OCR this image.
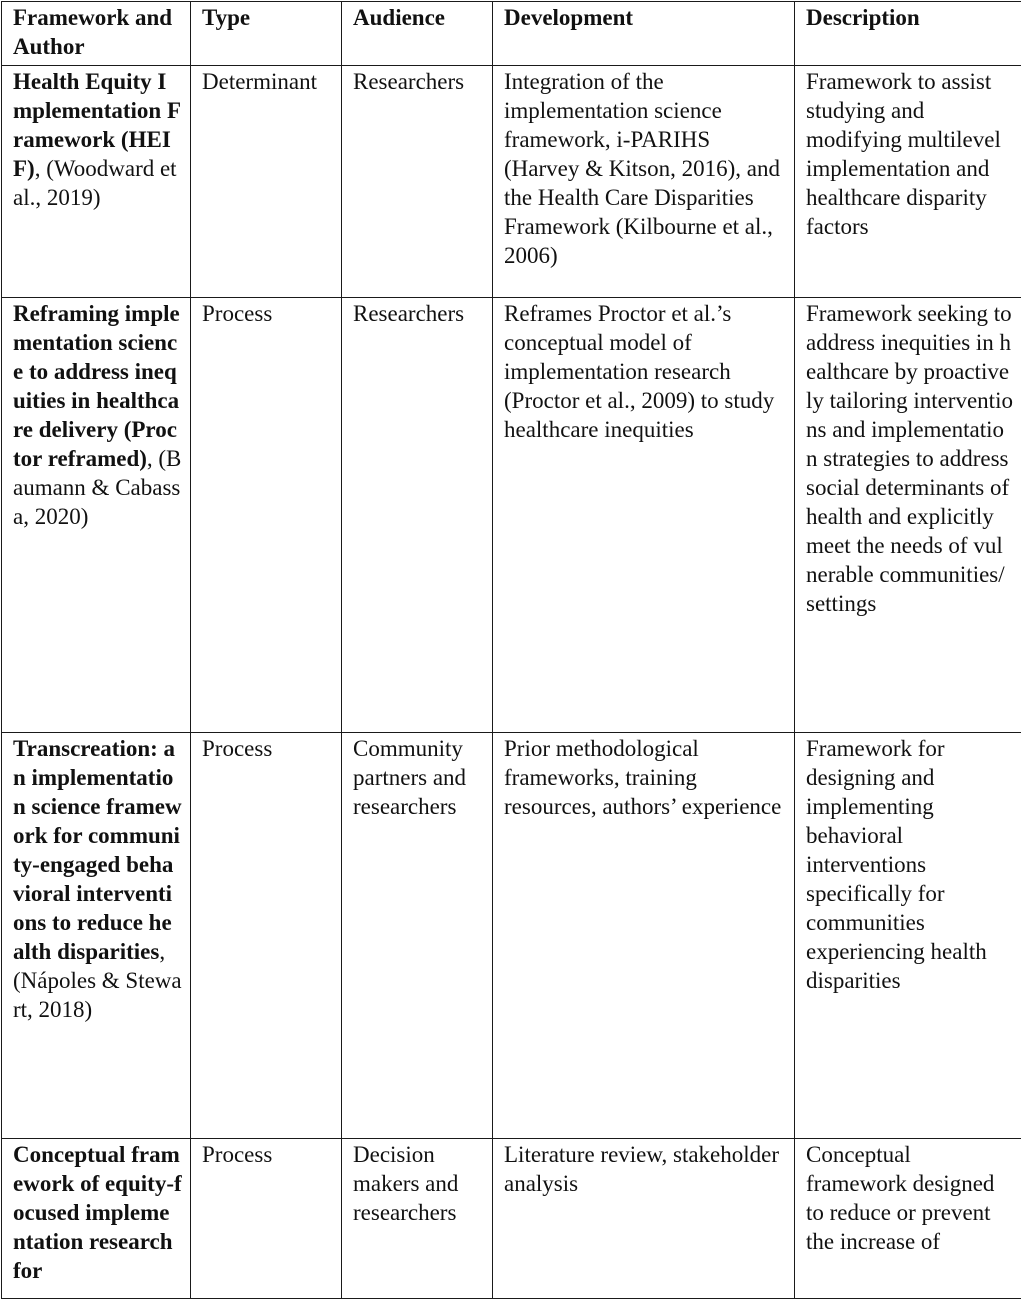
Framework and Author	Type	Audience	Development	Description
Health Equity Implementation Framework (HEIF), (Woodward et al., 2019)	Determinant	Researchers	Integration of the implementation science framework, i-PARIHS (Harvey & Kitson, 2016), and the Health Care Disparities Framework (Kilbourne et al., 2006)	Framework to assist studying and modifying multilevel implementation and healthcare disparity factors
Reframing implementation science to address inequities in healthcare delivery (Proctor reframed), (Baumann & Cabassa, 2020)	Process	Researchers	Reframes Proctor et al.’s conceptual model of implementation research (Proctor et al., 2009) to study healthcare inequities	Framework seeking to address inequities in healthcare by proactively tailoring interventions and implementation strategies to address social determinants of health and explicitly meet the needs of vulnerable communities/settings
Transcreation: an implementation science framework for community-engaged behavioral interventions to reduce health disparities, (Nápoles & Stewart, 2018)	Process	Community partners and researchers	Prior methodological frameworks, training resources, authors’ experience	Framework for designing and implementing behavioral interventions specifically for communities experiencing health disparities
Conceptual framework of equity-focused implementation research for	Process	Decision makers and researchers	Literature review, stakeholder analysis	Conceptual framework designed to reduce or prevent the increase of
